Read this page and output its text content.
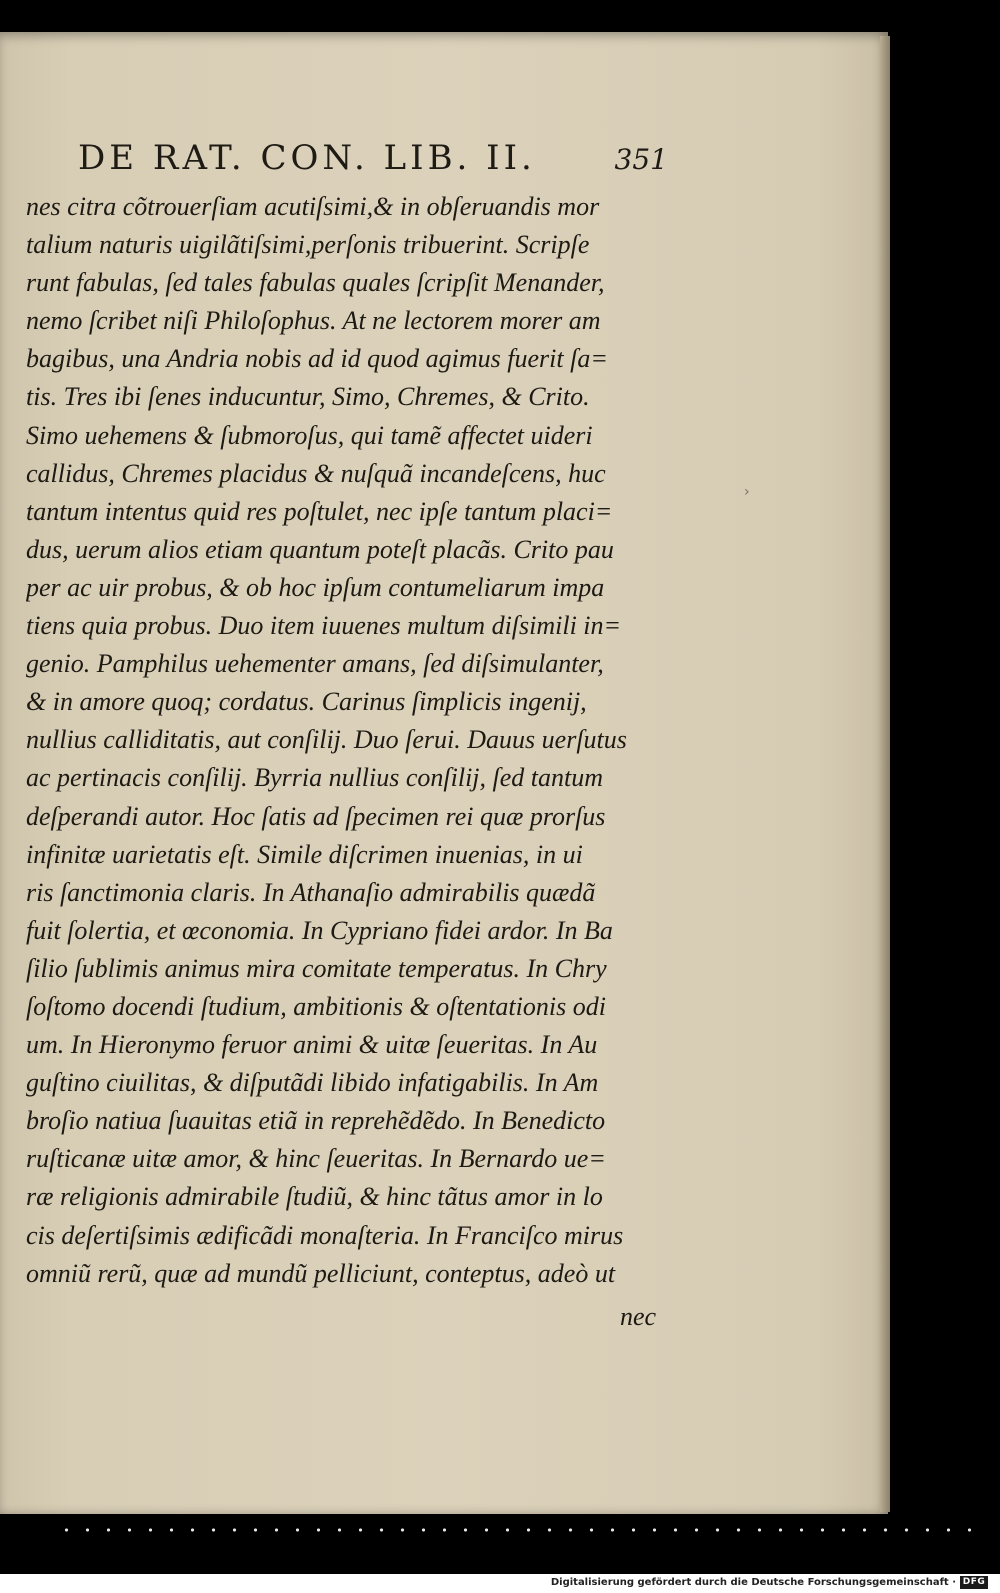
DE RAT. CON. LIB. II.	351
›
nes citra cõtrouerſiam acutiſsimi,& in obſeruandis mor
talium naturis uigilãtiſsimi,perſonis tribuerint. Scripſe
runt fabulas, ſed tales fabulas quales ſcripſit Menander,
nemo ſcribet niſi Philoſophus. At ne lectorem morer am
bagibus, una Andria nobis ad id quod agimus fuerit ſa=
tis. Tres ibi ſenes inducuntur, Simo, Chremes, & Crito.
Simo uehemens & ſubmoroſus, qui tamẽ affectet uideri
callidus, Chremes placidus & nuſquã incandeſcens, huc
tantum intentus quid res poſtulet, nec ipſe tantum placi=
dus, uerum alios etiam quantum poteſt placãs. Crito pau
per ac uir probus, & ob hoc ipſum contumeliarum impa
tiens quia probus. Duo item iuuenes multum diſsimili in=
genio. Pamphilus uehementer amans, ſed diſsimulanter,
& in amore quoq; cordatus. Carinus ſimplicis ingenij,
nullius calliditatis, aut conſilij. Duo ſerui. Dauus uerſutus
ac pertinacis conſilij. Byrria nullius conſilij, ſed tantum
deſperandi autor. Hoc ſatis ad ſpecimen rei quæ prorſus
infinitæ uarietatis eſt. Simile diſcrimen inuenias, in ui
ris ſanctimonia claris. In Athanaſio admirabilis quædã
fuit ſolertia, et œconomia. In Cypriano fidei ardor. In Ba
ſilio ſublimis animus mira comitate temperatus. In Chry
ſoſtomo docendi ſtudium, ambitionis & oſtentationis odi
um. In Hieronymo feruor animi & uitæ ſeueritas. In Au
guſtino ciuilitas, & diſputãdi libido infatigabilis. In Am
broſio natiua ſuauitas etiã in reprehẽdẽdo. In Benedicto
ruſticanæ uitæ amor, & hinc ſeueritas. In Bernardo ue=
ræ religionis admirabile ſtudiũ, & hinc tãtus amor in lo
cis deſertiſsimis ædificãdi monaſteria. In Franciſco mirus
omniũ rerũ, quæ ad mundũ pelliciunt, conteptus, adeò ut
nec
Digitalisierung gefördert durch die Deutsche Forschungsgemeinschaft · DFG
